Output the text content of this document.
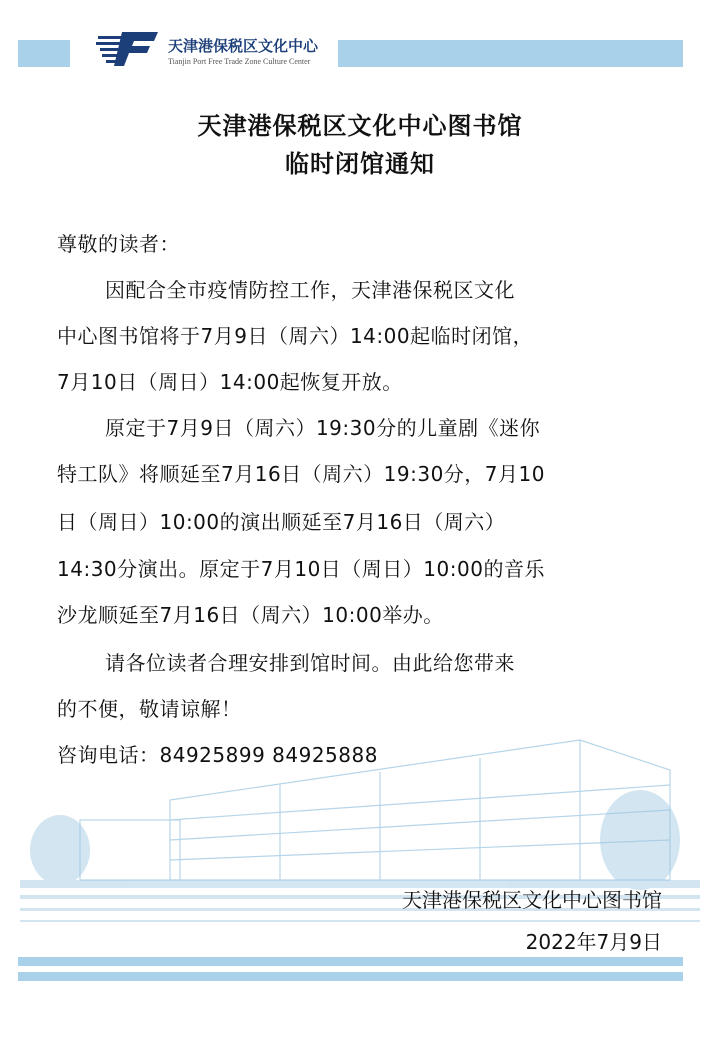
天津港保税区文化中心
Tianjin Port Free Trade Zone Culture Center
天津港保税区文化中心图书馆
临时闭馆通知
尊敬的读者：
因配合全市疫情防控工作，天津港保税区文化
中心图书馆将于7月9日（周六）14:00起临时闭馆，
7月10日（周日）14:00起恢复开放。
原定于7月9日（周六）19:30分的儿童剧《迷你
特工队》将顺延至7月16日（周六）19:30分，7月10
日（周日）10:00的演出顺延至7月16日（周六）
14:30分演出。原定于7月10日（周日）10:00的音乐
沙龙顺延至7月16日（周六）10:00举办。
请各位读者合理安排到馆时间。由此给您带来
的不便，敬请谅解！
咨询电话：84925899 84925888
天津港保税区文化中心图书馆
2022年7月9日
